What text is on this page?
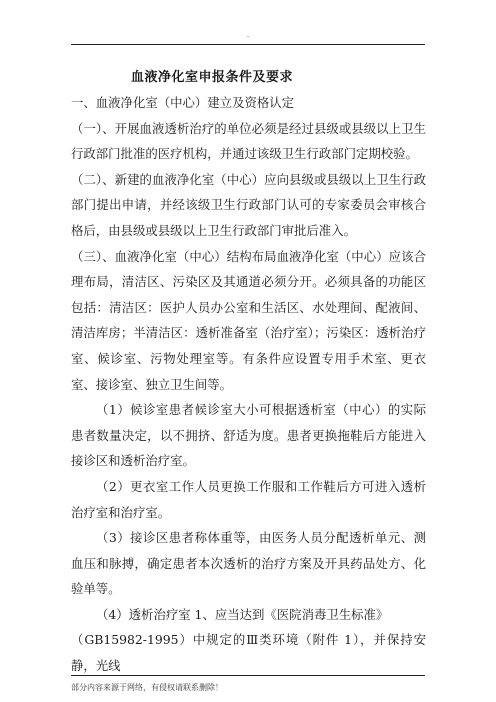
.
血液净化室申报条件及要求

一、血液净化室（中心）建立及资格认定

（一）、开展血液透析治疗的单位必须是经过县级或县级以上卫生行政部门批准的医疗机构，并通过该级卫生行政部门定期校验。

（二）、新建的血液净化室（中心）应向县级或县级以上卫生行政部门提出申请，并经该级卫生行政部门认可的专家委员会审核合格后，由县级或县级以上卫生行政部门审批后准入。

（三）、血液净化室（中心）结构布局血液净化室（中心）应该合理布局，清洁区、污染区及其通道必须分开。必须具备的功能区包括：清洁区：医护人员办公室和生活区、水处理间、配液间、清洁库房；半清洁区：透析准备室（治疗室）；污染区：透析治疗室、候诊室、污物处理室等。有条件应设置专用手术室、更衣室、接诊室、独立卫生间等。

（1）候诊室患者候诊室大小可根据透析室（中心）的实际患者数量决定，以不拥挤、舒适为度。患者更换拖鞋后方能进入接诊区和透析治疗室。

（2）更衣室工作人员更换工作服和工作鞋后方可进入透析治疗室和治疗室。

（3）接诊区患者称体重等，由医务人员分配透析单元、测血压和脉搏，确定患者本次透析的治疗方案及开具药品处方、化验单等。

（4）透析治疗室 1、应当达到《医院消毒卫生标准》

（GB15982-1995）中规定的Ⅲ类环境（附件 1），并保持安静，光线

部分内容来源于网络，有侵权请联系删除！
